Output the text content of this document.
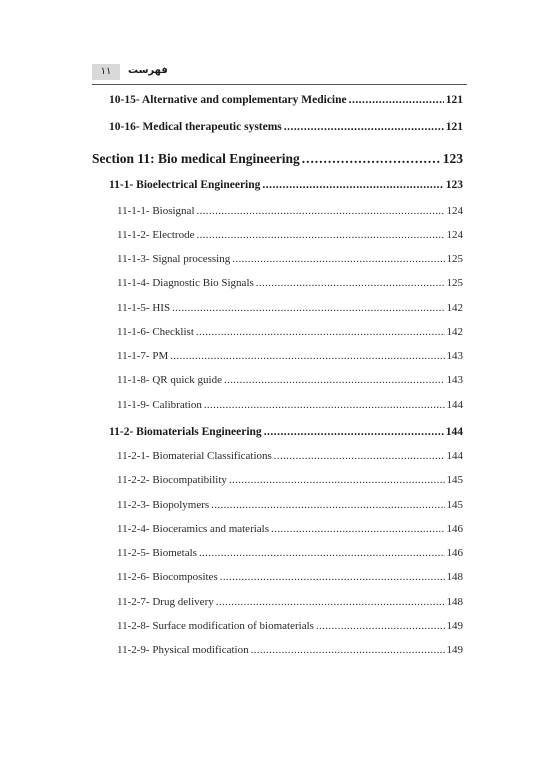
۱۱	فهرست
10-15- Alternative and complementary Medicine . . .	121
10-16- Medical therapeutic systems . . .	121
Section 11: Bio medical Engineering . . .	123
11-1- Bioelectrical Engineering . . .	123
11-1-1- Biosignal . . .	124
11-1-2- Electrode . . .	124
11-1-3- Signal processing . . .	125
11-1-4- Diagnostic Bio Signals . . .	125
11-1-5- HIS . . .	142
11-1-6- Checklist . . .	142
11-1-7- PM . . .	143
11-1-8- QR quick guide . . .	143
11-1-9- Calibration . . .	144
11-2- Biomaterials Engineering . . .	144
11-2-1- Biomaterial Classifications . . .	144
11-2-2- Biocompatibility . . .	145
11-2-3- Biopolymers . . .	145
11-2-4- Bioceramics and materials . . .	146
11-2-5- Biometals . . .	146
11-2-6- Biocomposites . . .	148
11-2-7- Drug delivery . . .	148
11-2-8- Surface modification of biomaterials . . .	149
11-2-9- Physical modification . . .	149
